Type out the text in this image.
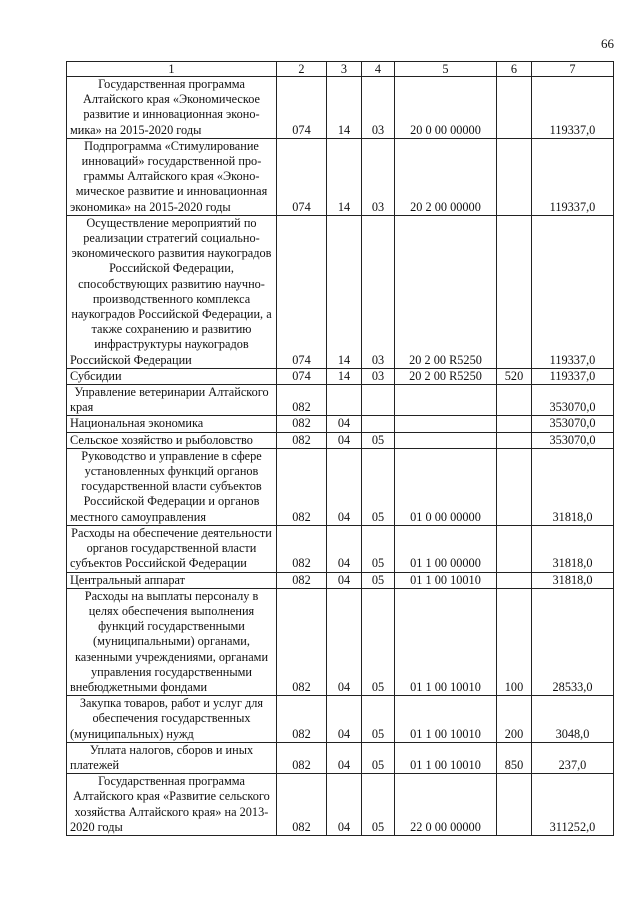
66
1	2	3	4	5	6	7
Государственная программа Алтайского края «Экономическое развитие и инновационная экономика» на 2015-2020 годы	074	14	03	20 0 00 00000		119337,0
Подпрограмма «Стимулирование инноваций» государственной программы Алтайского края «Экономическое развитие и инновационная экономика» на 2015-2020 годы	074	14	03	20 2 00 00000		119337,0
Осуществление мероприятий по реализации стратегий социально-экономического развития наукоградов Российской Федерации, способствующих развитию научно-производственного комплекса наукоградов Российской Федерации, а также сохранению и развитию инфраструктуры наукоградов Российской Федерации	074	14	03	20 2 00 R5250		119337,0
Субсидии	074	14	03	20 2 00 R5250	520	119337,0
Управление ветеринарии Алтайского края	082					353070,0
Национальная экономика	082	04				353070,0
Сельское хозяйство и рыболовство	082	04	05			353070,0
Руководство и управление в сфере установленных функций органов государственной власти субъектов Российской Федерации и органов местного самоуправления	082	04	05	01 0 00 00000		31818,0
Расходы на обеспечение деятельности органов государственной власти субъектов Российской Федерации	082	04	05	01 1 00 00000		31818,0
Центральный аппарат	082	04	05	01 1 00 10010		31818,0
Расходы на выплаты персоналу в целях обеспечения выполнения функций государственными (муниципальными) органами, казенными учреждениями, органами управления государственными внебюджетными фондами	082	04	05	01 1 00 10010	100	28533,0
Закупка товаров, работ и услуг для обеспечения государственных (муниципальных) нужд	082	04	05	01 1 00 10010	200	3048,0
Уплата налогов, сборов и иных платежей	082	04	05	01 1 00 10010	850	237,0
Государственная программа Алтайского края «Развитие сельского хозяйства Алтайского края» на 2013-2020 годы	082	04	05	22 0 00 00000		311252,0
